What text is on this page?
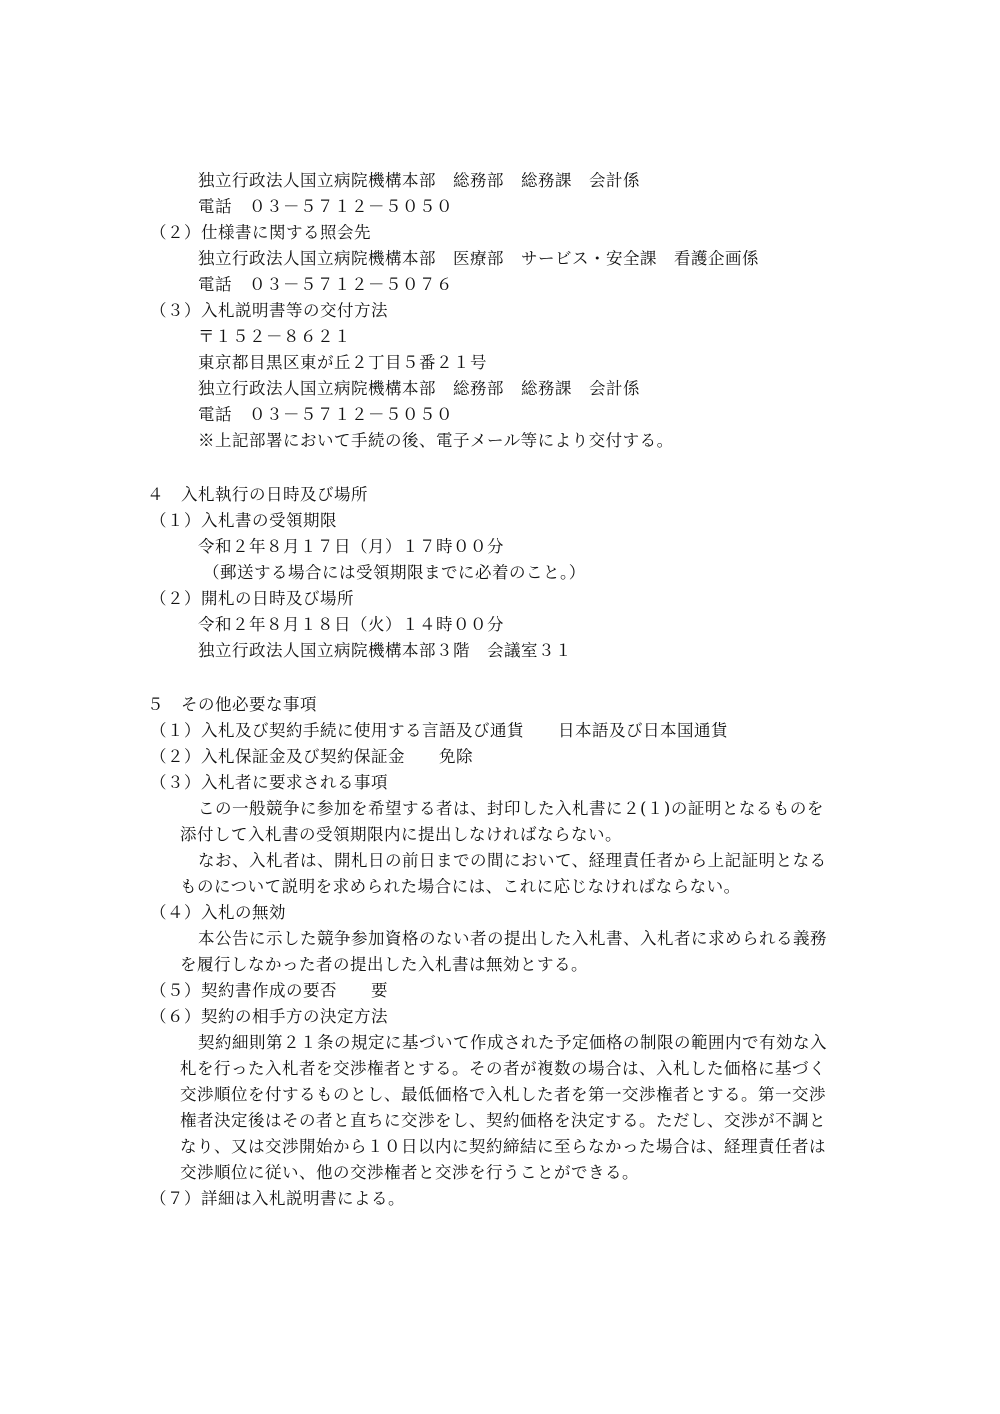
独立行政法人国立病院機構本部　総務部　総務課　会計係
電話　０３－５７１２－５０５０
（２）仕様書に関する照会先
独立行政法人国立病院機構本部　医療部　サービス・安全課　看護企画係
電話　０３－５７１２－５０７６
（３）入札説明書等の交付方法
〒１５２－８６２１
東京都目黒区東が丘２丁目５番２１号
独立行政法人国立病院機構本部　総務部　総務課　会計係
電話　０３－５７１２－５０５０
※上記部署において手続の後、電子メール等により交付する。
４　入札執行の日時及び場所
（１）入札書の受領期限
令和２年８月１７日（月）１７時００分
（郵送する場合には受領期限までに必着のこと。）
（２）開札の日時及び場所
令和２年８月１８日（火）１４時００分
独立行政法人国立病院機構本部３階　会議室３１
５　その他必要な事項
（１）入札及び契約手続に使用する言語及び通貨　　日本語及び日本国通貨
（２）入札保証金及び契約保証金　　免除
（３）入札者に要求される事項
この一般競争に参加を希望する者は、封印した入札書に２(１)の証明となるものを
添付して入札書の受領期限内に提出しなければならない。
なお、入札者は、開札日の前日までの間において、経理責任者から上記証明となる
ものについて説明を求められた場合には、これに応じなければならない。
（４）入札の無効
本公告に示した競争参加資格のない者の提出した入札書、入札者に求められる義務
を履行しなかった者の提出した入札書は無効とする。
（５）契約書作成の要否　　要
（６）契約の相手方の決定方法
契約細則第２１条の規定に基づいて作成された予定価格の制限の範囲内で有効な入
札を行った入札者を交渉権者とする。その者が複数の場合は、入札した価格に基づく
交渉順位を付するものとし、最低価格で入札した者を第一交渉権者とする。第一交渉
権者決定後はその者と直ちに交渉をし、契約価格を決定する。ただし、交渉が不調と
なり、又は交渉開始から１０日以内に契約締結に至らなかった場合は、経理責任者は
交渉順位に従い、他の交渉権者と交渉を行うことができる。
（７）詳細は入札説明書による。
